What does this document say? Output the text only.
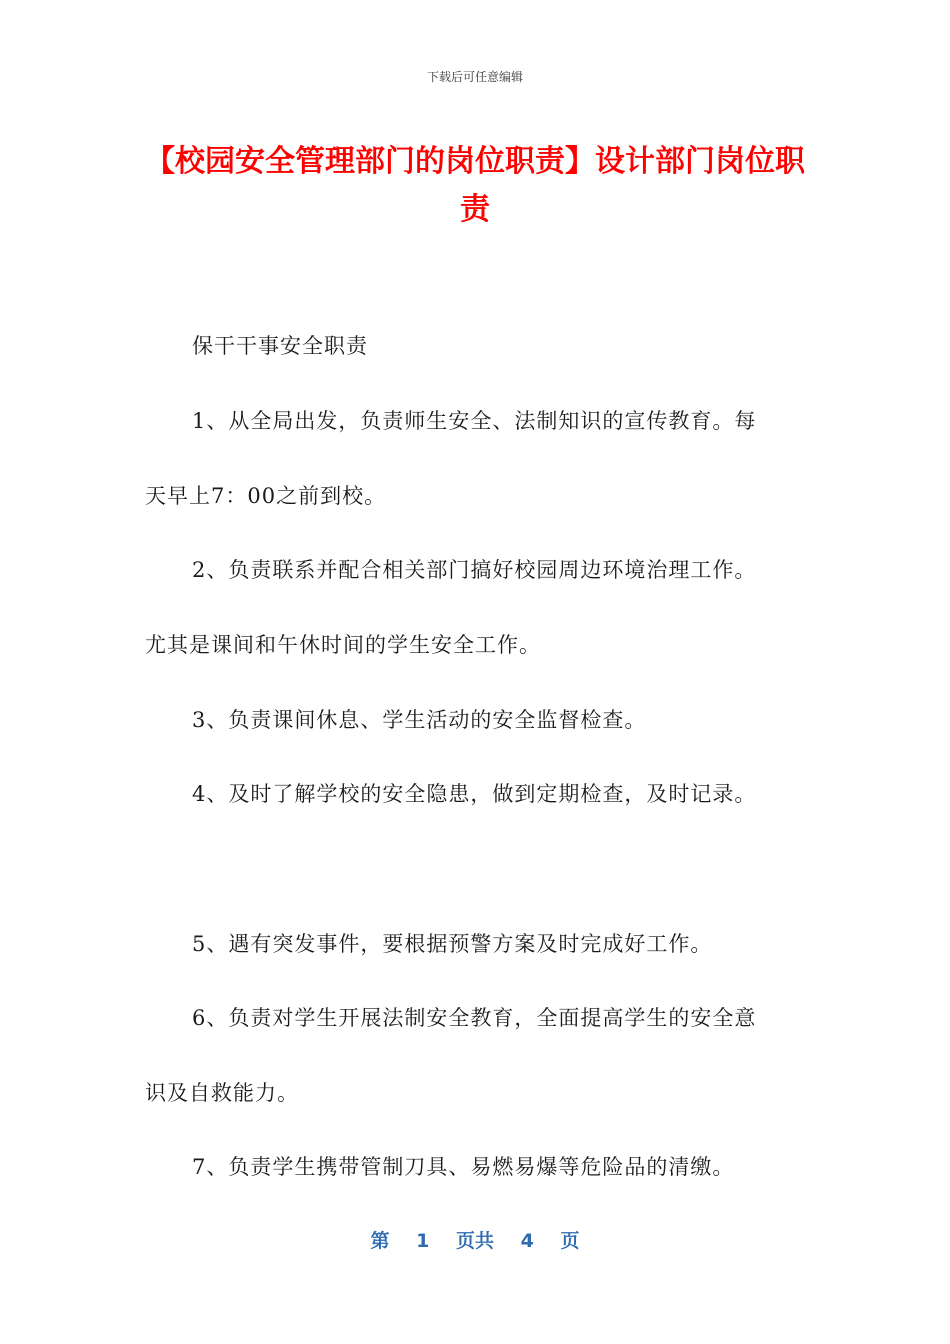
下载后可任意编辑
【校园安全管理部门的岗位职责】设计部门岗位职责
保干干事安全职责
1、从全局出发，负责师生安全、法制知识的宣传教育。每
天早上7：00之前到校。
2、负责联系并配合相关部门搞好校园周边环境治理工作。
尤其是课间和午休时间的学生安全工作。
3、负责课间休息、学生活动的安全监督检查。
4、及时了解学校的安全隐患，做到定期检查，及时记录。
5、遇有突发事件，要根据预警方案及时完成好工作。
6、负责对学生开展法制安全教育，全面提高学生的安全意
识及自救能力。
7、负责学生携带管制刀具、易燃易爆等危险品的清缴。
第 1 页共 4 页
